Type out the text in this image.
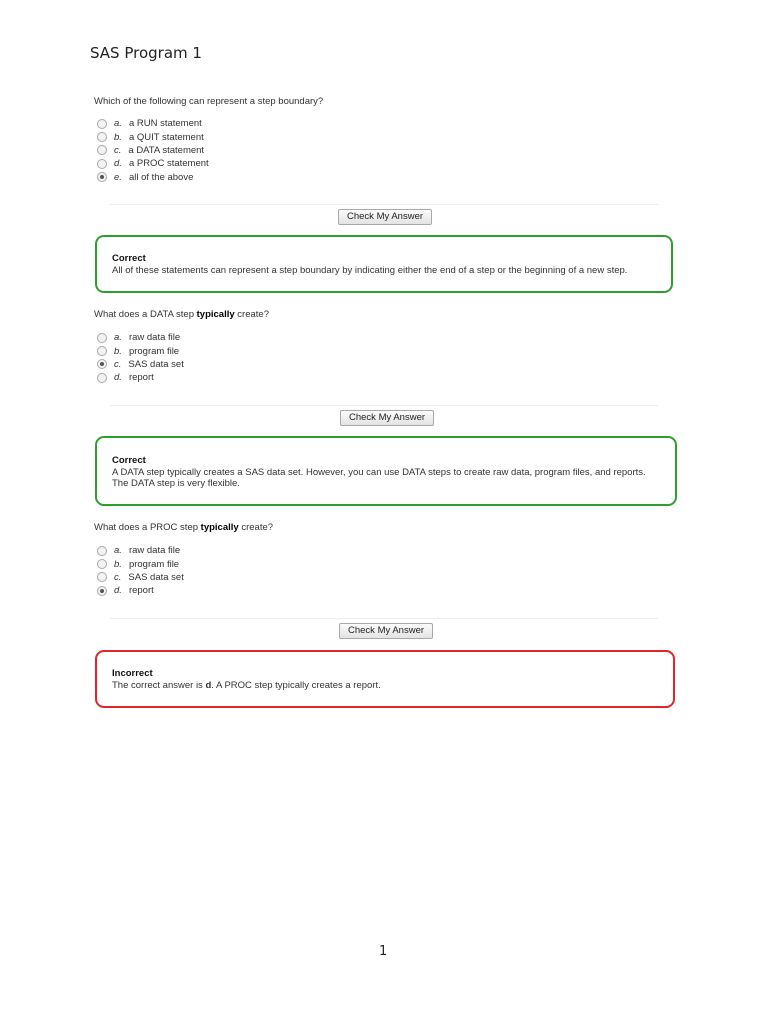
SAS Program 1
Which of the following can represent a step boundary?
a. a RUN statement
b. a QUIT statement
c. a DATA statement
d. a PROC statement
e. all of the above
Check My Answer
Correct
All of these statements can represent a step boundary by indicating either the end of a step or the beginning of a new step.
What does a DATA step typically create?
a. raw data file
b. program file
c. SAS data set
d. report
Check My Answer
Correct
A DATA step typically creates a SAS data set. However, you can use DATA steps to create raw data, program files, and reports.
The DATA step is very flexible.
What does a PROC step typically create?
a. raw data file
b. program file
c. SAS data set
d. report
Check My Answer
Incorrect
The correct answer is d. A PROC step typically creates a report.
1
